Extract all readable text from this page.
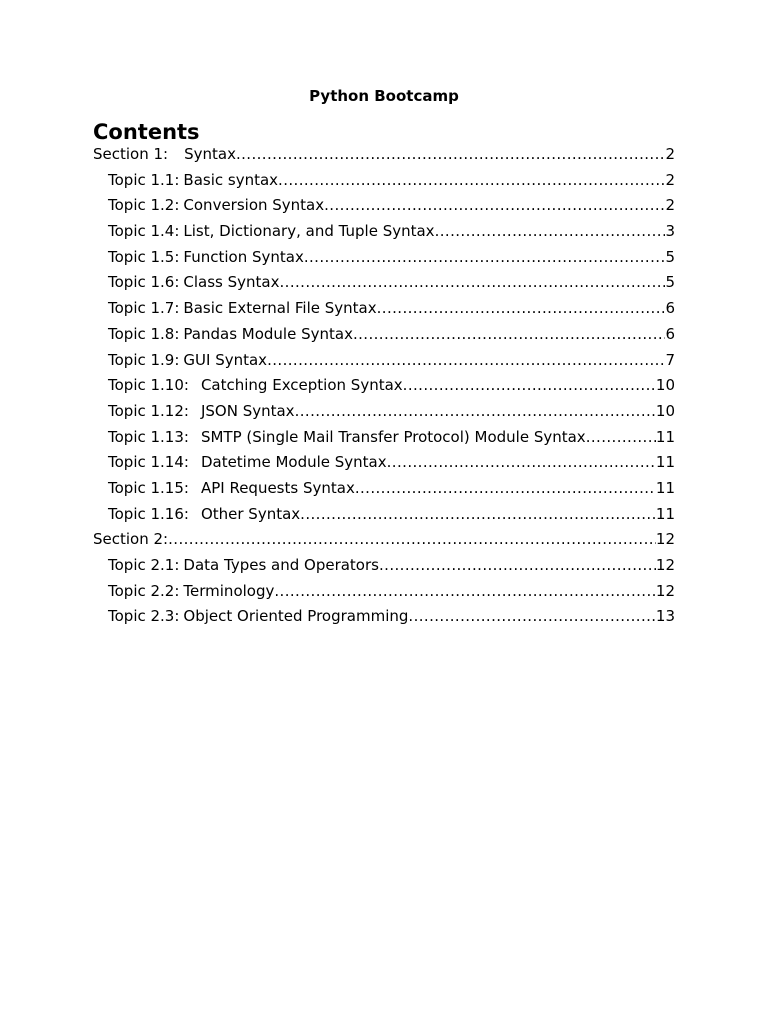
Python Bootcamp
Contents
Section 1: Syntax .....	2
Topic 1.1: Basic syntax .....	2
Topic 1.2: Conversion Syntax .....	2
Topic 1.4: List, Dictionary, and Tuple Syntax .....	3
Topic 1.5: Function Syntax .....	5
Topic 1.6: Class Syntax .....	5
Topic 1.7: Basic External File Syntax .....	6
Topic 1.8: Pandas Module Syntax .....	6
Topic 1.9: GUI Syntax .....	7
Topic 1.10: Catching Exception Syntax .....	10
Topic 1.12: JSON Syntax .....	10
Topic 1.13: SMTP (Single Mail Transfer Protocol) Module Syntax .....	11
Topic 1.14: Datetime Module Syntax .....	11
Topic 1.15: API Requests Syntax .....	11
Topic 1.16: Other Syntax .....	11
Section 2: .....	12
Topic 2.1: Data Types and Operators .....	12
Topic 2.2: Terminology .....	12
Topic 2.3: Object Oriented Programming .....	13
